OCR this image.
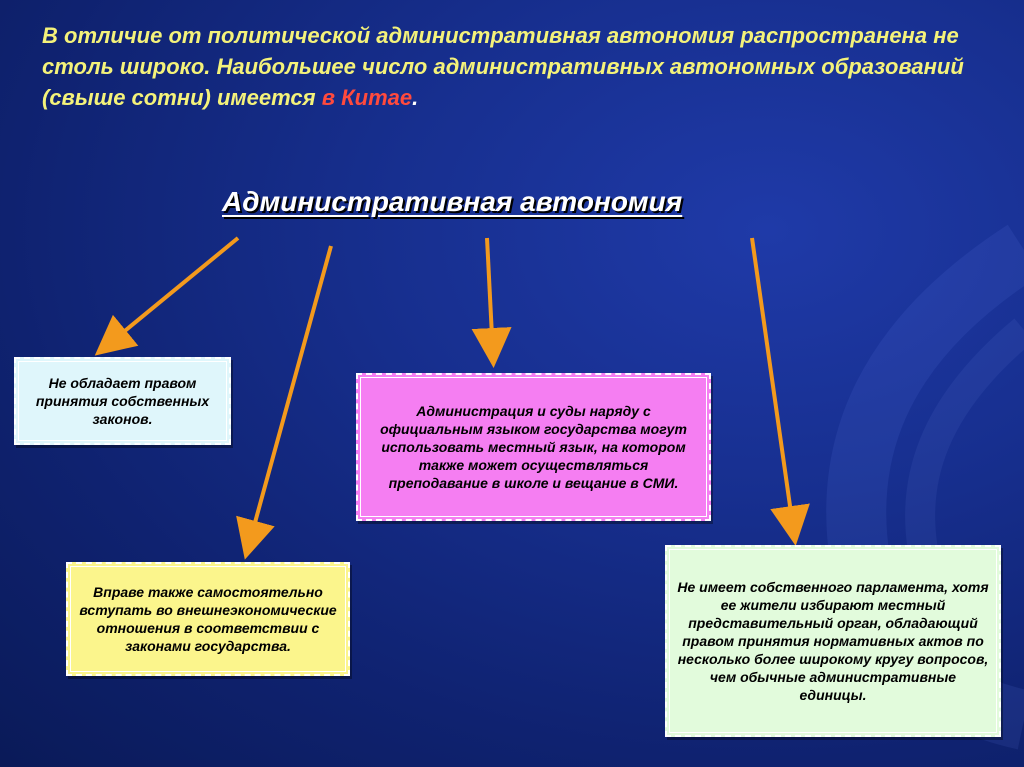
В отличие от политической административная автономия распространена не столь широко. Наибольшее число административных автономных образований (свыше сотни) имеется в Китае.

Административная автономия
Не обладает правом принятия собственных законов.	Администрация и суды наряду с официальным языком государства могут использовать местный язык, на котором также может осуществляться преподавание в школе и вещание в СМИ.
Вправе также самостоятельно вступать во внешнеэкономические отношения в соответствии с законами государства.
Не имеет собственного парламента, хотя ее жители избирают местный представительный орган, обладающий правом принятия нормативных актов по несколько более широкому кругу вопросов, чем обычные административные единицы.
